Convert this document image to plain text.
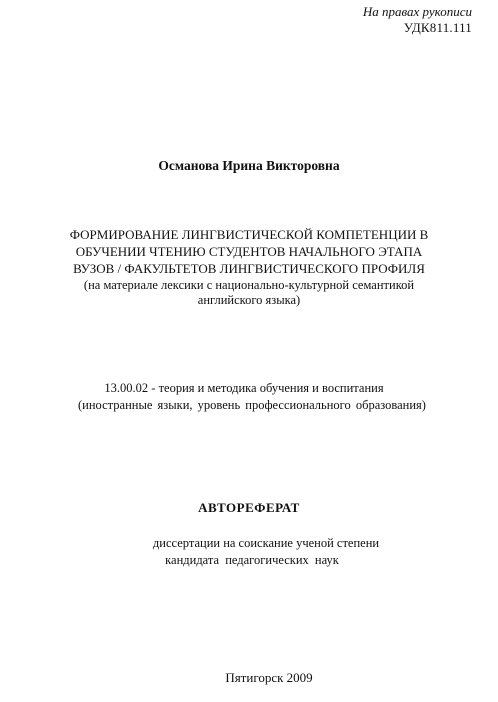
На правах рукописи
УДК811.111
Османова Ирина Викторовна
ФОРМИРОВАНИЕ ЛИНГВИСТИЧЕСКОЙ КОМПЕТЕНЦИИ В
ОБУЧЕНИИ ЧТЕНИЮ СТУДЕНТОВ НАЧАЛЬНОГО ЭТАПА
ВУЗОВ / ФАКУЛЬТЕТОВ ЛИНГВИСТИЧЕСКОГО ПРОФИЛЯ
(на материале лексики с национально-культурной семантикой
английского языка)
13.00.02 - теория и методика обучения и воспитания
(иностранные языки, уровень профессионального образования)
АВТОРЕФЕРАТ
диссертации на соискание ученой степени
кандидата педагогических наук
Пятигорск 2009
